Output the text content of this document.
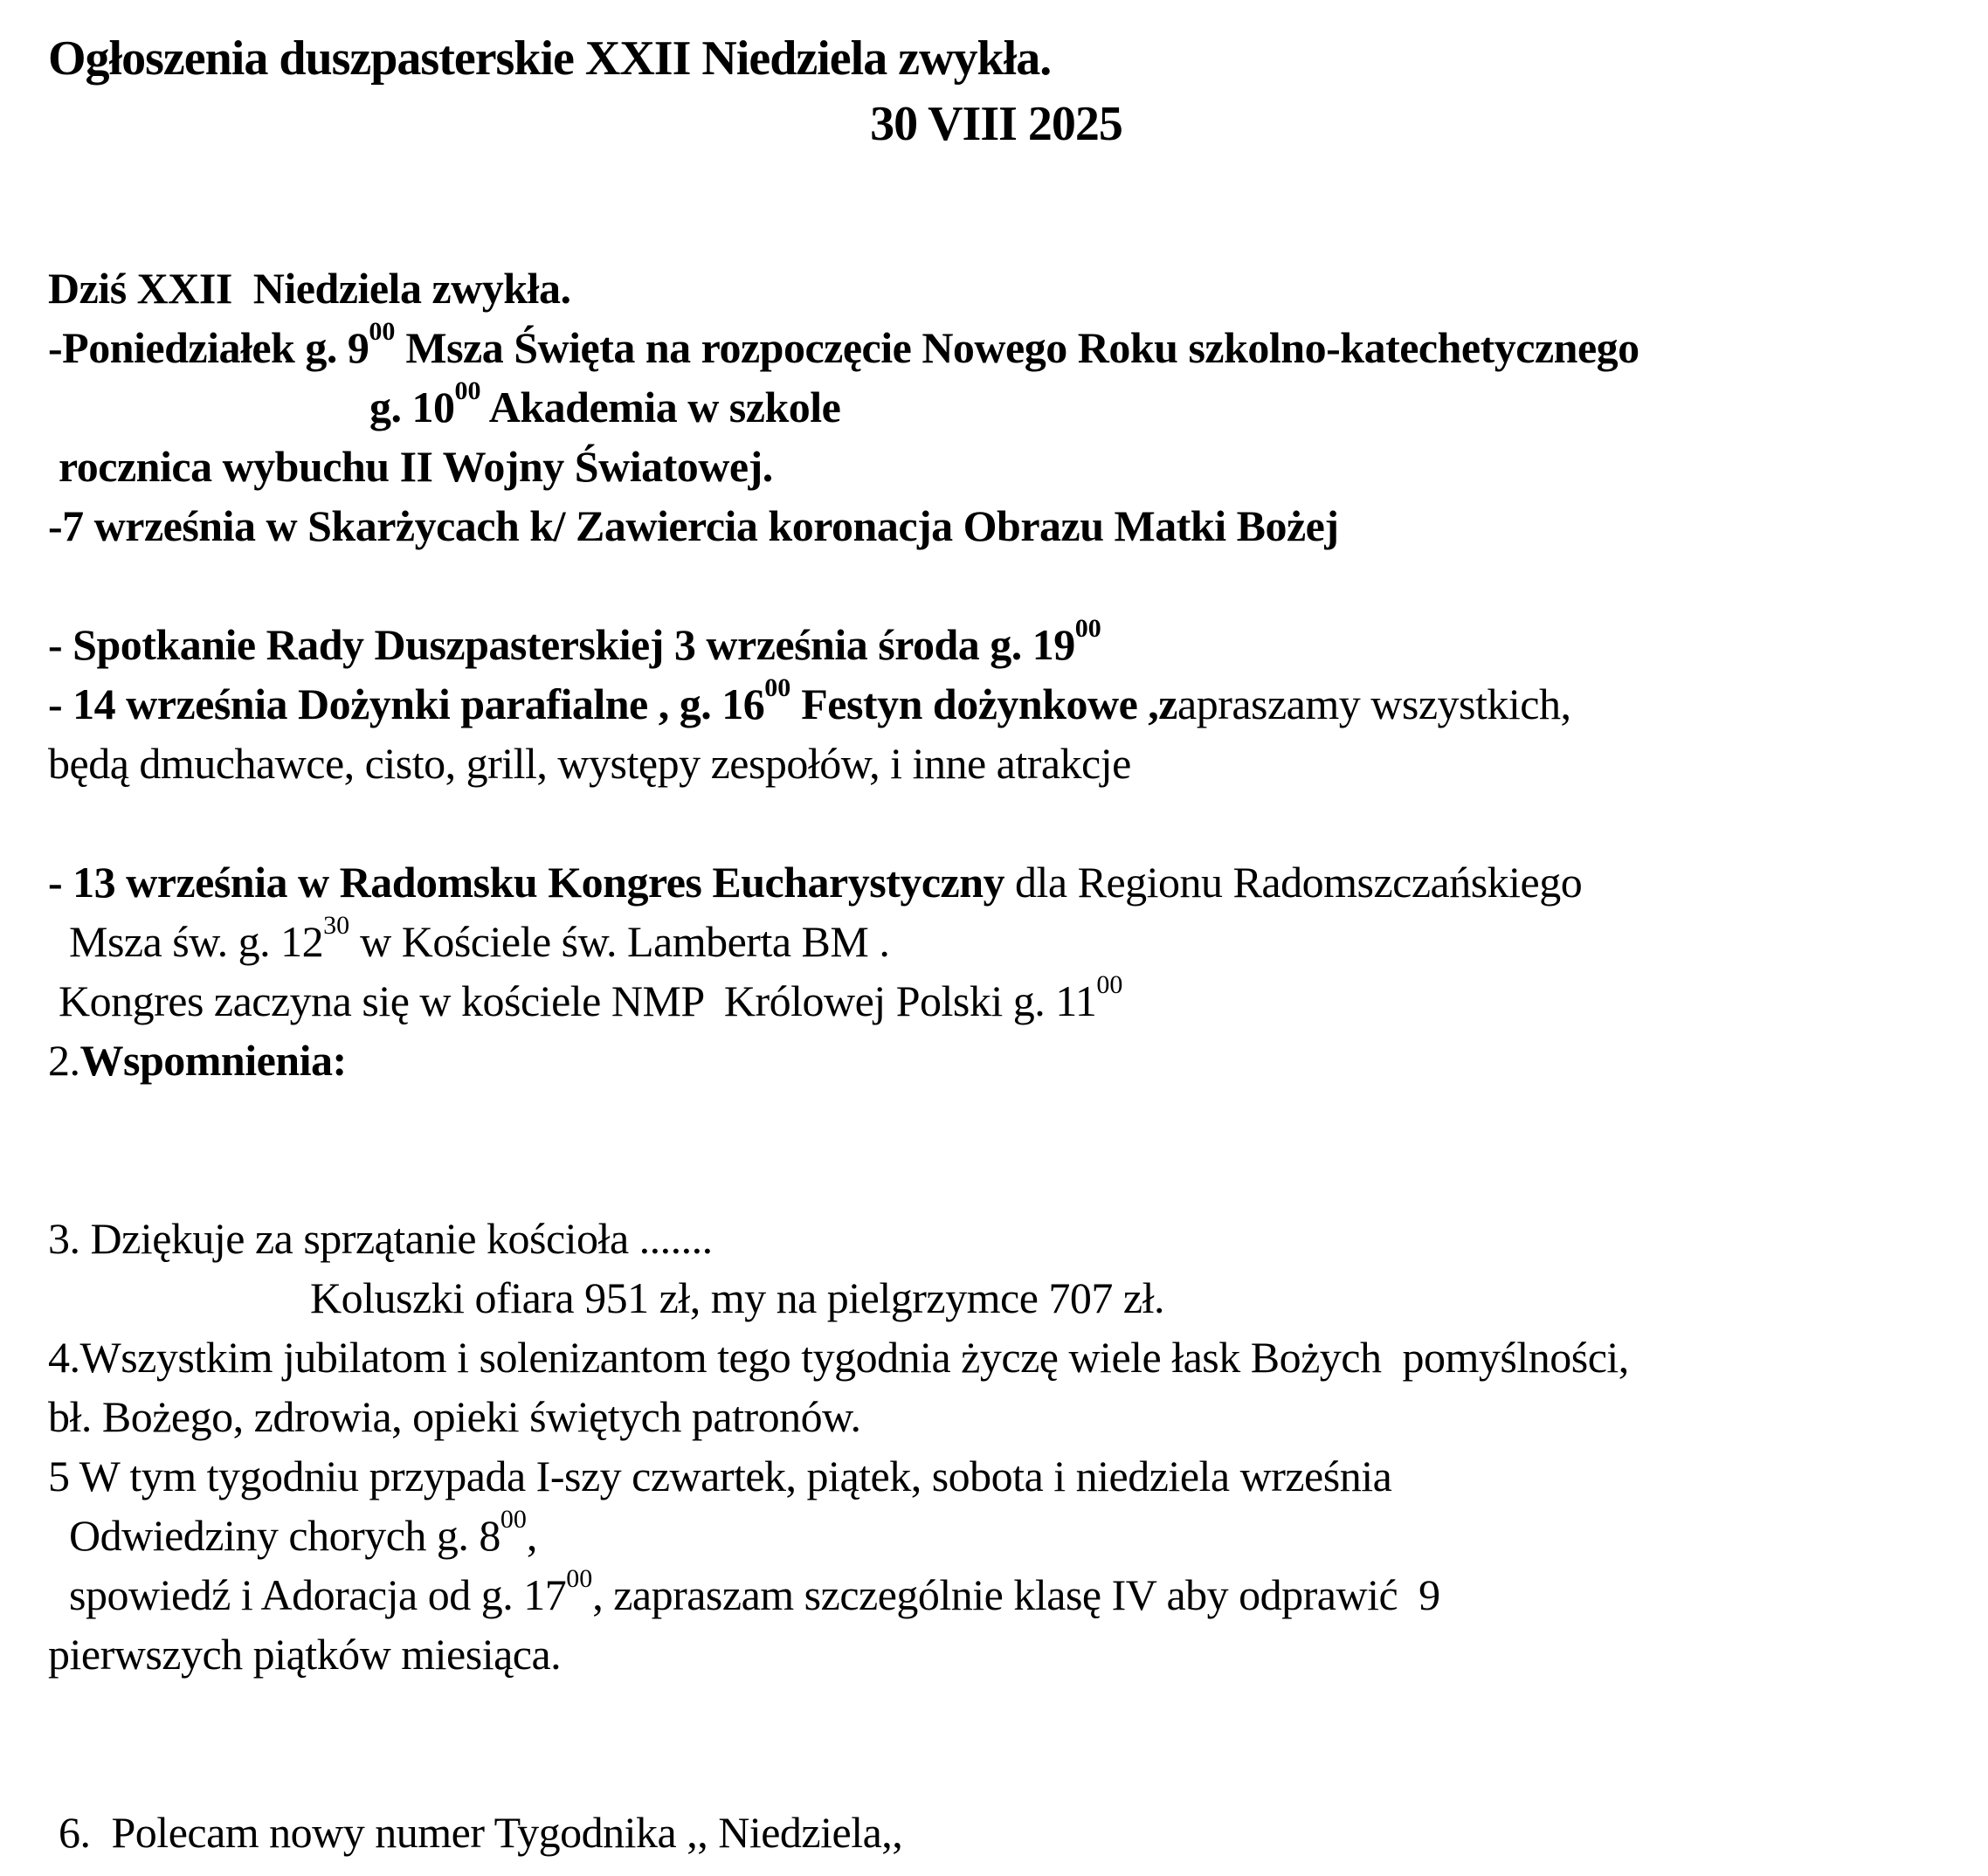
Ogłoszenia duszpasterskie XXII Niedziela zwykła.

30 VIII 2025

Dziś XXII  Niedziela zwykła.

-Poniedziałek g. $9^{00}$ Msza Święta na rozpoczęcie Nowego Roku szkolno-katechetycznego

g. $10^{00}$ Akademia w szkole

rocznica wybuchu II Wojny Światowej.

-7 września w Skarżycach k/ Zawiercia koronacja Obrazu Matki Bożej

- Spotkanie Rady Duszpasterskiej 3 września środa g. $19^{00}$

- 14 września Dożynki parafialne , g. $16^{00}$ Festyn dożynkowe ,zapraszamy wszystkich,

będą dmuchawce, cisto, grill, występy zespołów, i inne atrakcje

- 13 września w Radomsku Kongres Eucharystyczny dla Regionu Radomszczańskiego

Msza św. g. $12^{30}$ w Kościele św. Lamberta BM .

Kongres zaczyna się w kościele NMP  Królowej Polski g. $11^{00}$

2.Wspomnienia:

3. Dziękuje za sprzątanie kościoła .......

Koluszki ofiara 951 zł, my na pielgrzymce 707 zł.

4.Wszystkim jubilatom i solenizantom tego tygodnia życzę wiele łask Bożych  pomyślności,

bł. Bożego, zdrowia, opieki świętych patronów.

5 W tym tygodniu przypada I-szy czwartek, piątek, sobota i niedziela września

Odwiedziny chorych g. $8^{00}$,

spowiedź i Adoracja od g. $17^{00}$, zapraszam szczególnie klasę IV aby odprawić  9

pierwszych piątków miesiąca.

6.  Polecam nowy numer Tygodnika ,, Niedziela,,
